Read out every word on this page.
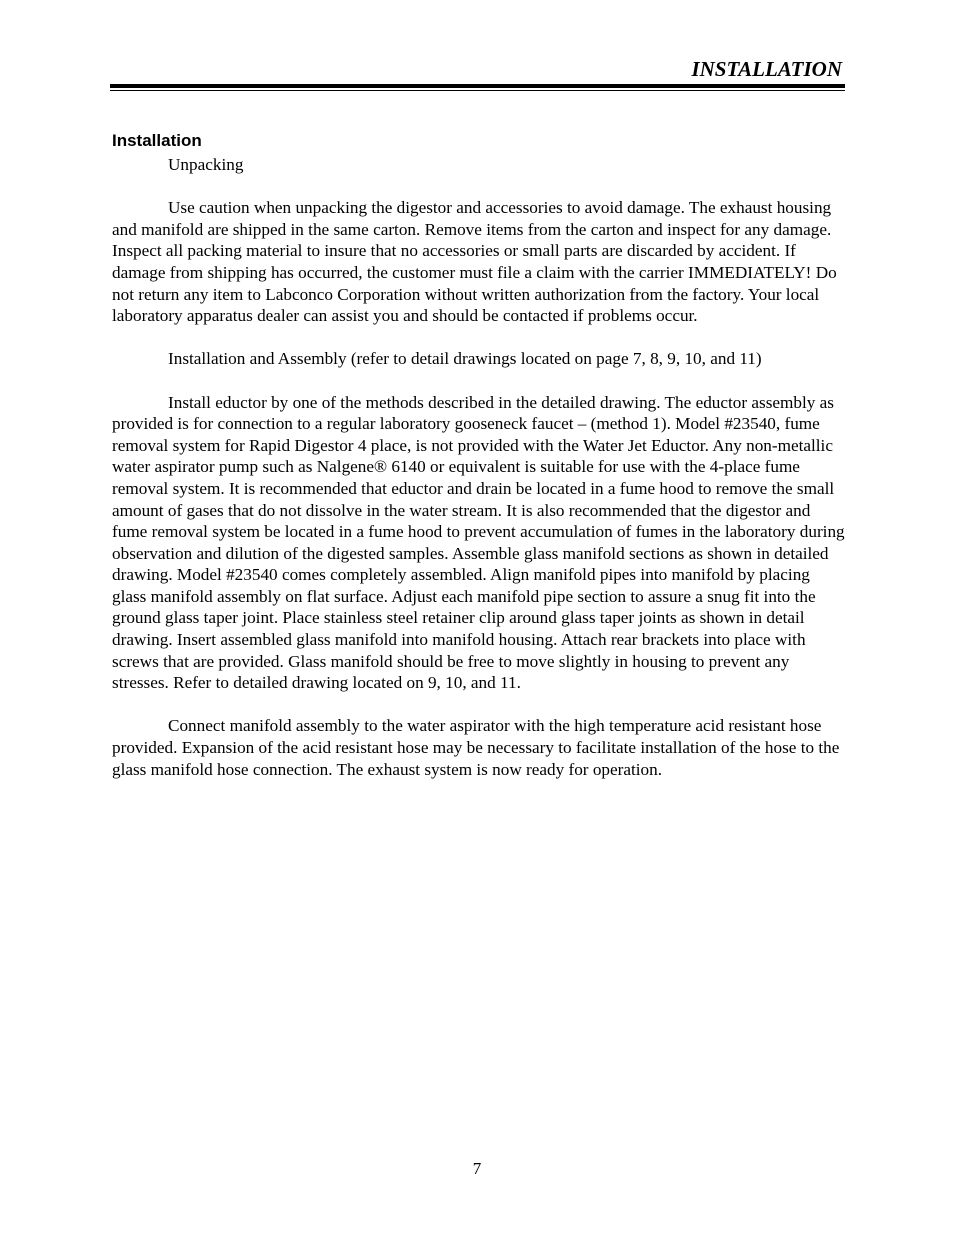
INSTALLATION
Installation

Unpacking

Use caution when unpacking the digestor and accessories to avoid damage. The exhaust housing and manifold are shipped in the same carton. Remove items from the carton and inspect for any damage. Inspect all packing material to insure that no accessories or small parts are discarded by accident. If damage from shipping has occurred, the customer must file a claim with the carrier IMMEDIATELY! Do not return any item to Labconco Corporation without written authorization from the factory. Your local laboratory apparatus dealer can assist you and should be contacted if problems occur.

Installation and Assembly (refer to detail drawings located on page 7, 8, 9, 10, and 11)

Install eductor by one of the methods described in the detailed drawing. The eductor assembly as provided is for connection to a regular laboratory gooseneck faucet – (method 1). Model #23540, fume removal system for Rapid Digestor 4 place, is not provided with the Water Jet Eductor. Any non-metallic water aspirator pump such as Nalgene® 6140 or equivalent is suitable for use with the 4-place fume removal system. It is recommended that eductor and drain be located in a fume hood to remove the small amount of gases that do not dissolve in the water stream. It is also recommended that the digestor and fume removal system be located in a fume hood to prevent accumulation of fumes in the laboratory during observation and dilution of the digested samples. Assemble glass manifold sections as shown in detailed drawing. Model #23540 comes completely assembled. Align manifold pipes into manifold by placing glass manifold assembly on flat surface. Adjust each manifold pipe section to assure a snug fit into the ground glass taper joint. Place stainless steel retainer clip around glass taper joints as shown in detail drawing. Insert assembled glass manifold into manifold housing. Attach rear brackets into place with screws that are provided. Glass manifold should be free to move slightly in housing to prevent any stresses. Refer to detailed drawing located on 9, 10, and 11.

Connect manifold assembly to the water aspirator with the high temperature acid resistant hose provided. Expansion of the acid resistant hose may be necessary to facilitate installation of the hose to the glass manifold hose connection. The exhaust system is now ready for operation.

7
